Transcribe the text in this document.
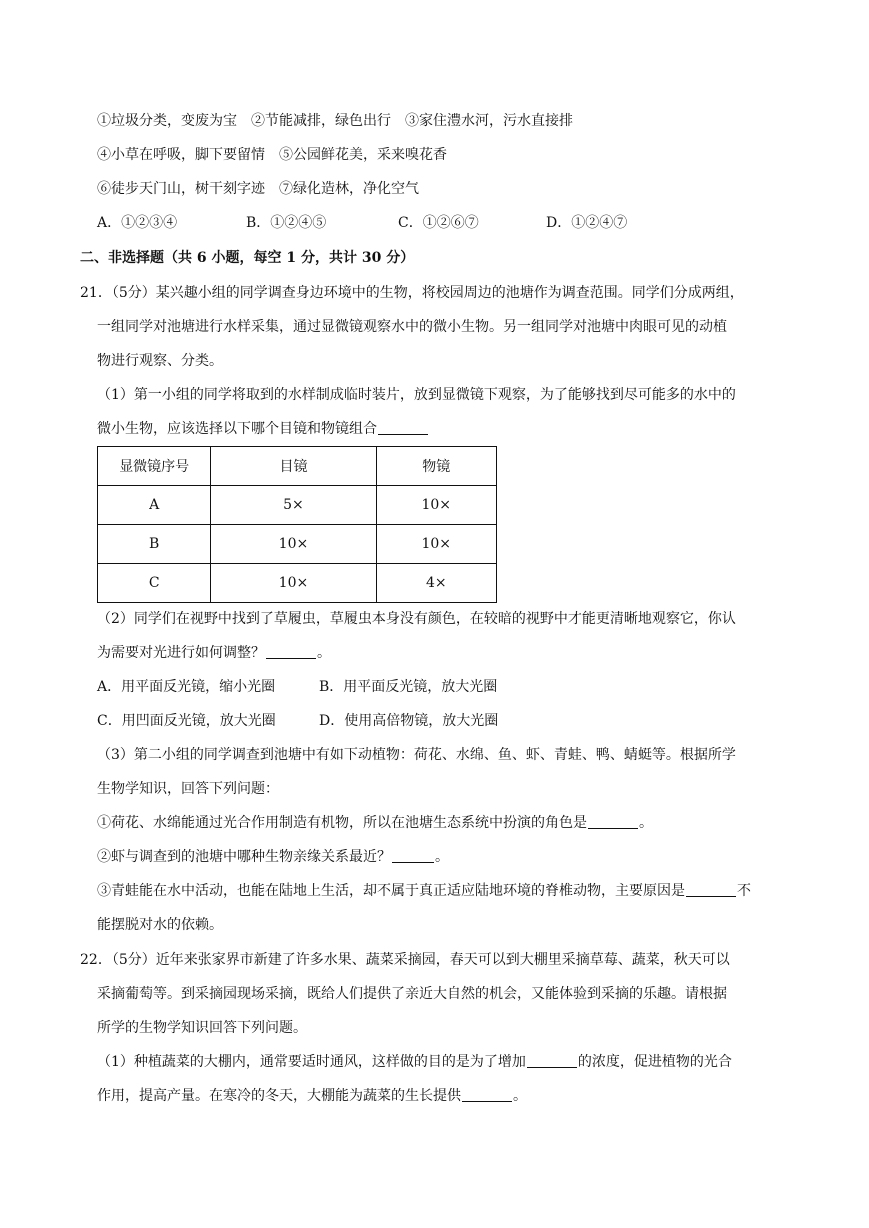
①垃圾分类，变废为宝　②节能减排，绿色出行　③家住澧水河，污水直接排
④小草在呼吸，脚下要留情　⑤公园鲜花美，采来嗅花香
⑥徒步天门山，树干刻字迹　⑦绿化造林，净化空气
A．①②③④	B．①②④⑤	C．①②⑥⑦	D．①②④⑦
二、非选择题（共 6 小题，每空 1 分，共计 30 分）
21．（5分）某兴趣小组的同学调查身边环境中的生物，将校园周边的池塘作为调查范围。同学们分成两组，
一组同学对池塘进行水样采集，通过显微镜观察水中的微小生物。另一组同学对池塘中肉眼可见的动植
物进行观察、分类。
（1）第一小组的同学将取到的水样制成临时装片，放到显微镜下观察，为了能够找到尽可能多的水中的
微小生物，应该选择以下哪个目镜和物镜组合
显微镜序号	目镜	物镜
A	5×	10×
B	10×	10×
C	10×	4×
（2）同学们在视野中找到了草履虫，草履虫本身没有颜色，在较暗的视野中才能更清晰地观察它，你认
为需要对光进行如何调整？	。
A．用平面反光镜，缩小光圈	B．用平面反光镜，放大光圈
C．用凹面反光镜，放大光圈	D．使用高倍物镜，放大光圈
（3）第二小组的同学调查到池塘中有如下动植物：荷花、水绵、鱼、虾、青蛙、鸭、蜻蜓等。根据所学
生物学知识，回答下列问题：
①荷花、水绵能通过光合作用制造有机物，所以在池塘生态系统中扮演的角色是	。
②虾与调查到的池塘中哪种生物亲缘关系最近？	。
③青蛙能在水中活动，也能在陆地上生活，却不属于真正适应陆地环境的脊椎动物，主要原因是	不
能摆脱对水的依赖。
22．（5分）近年来张家界市新建了许多水果、蔬菜采摘园，春天可以到大棚里采摘草莓、蔬菜，秋天可以
采摘葡萄等。到采摘园现场采摘，既给人们提供了亲近大自然的机会，又能体验到采摘的乐趣。请根据
所学的生物学知识回答下列问题。
（1）种植蔬菜的大棚内，通常要适时通风，这样做的目的是为了增加	的浓度，促进植物的光合
作用，提高产量。在寒冷的冬天，大棚能为蔬菜的生长提供	。
